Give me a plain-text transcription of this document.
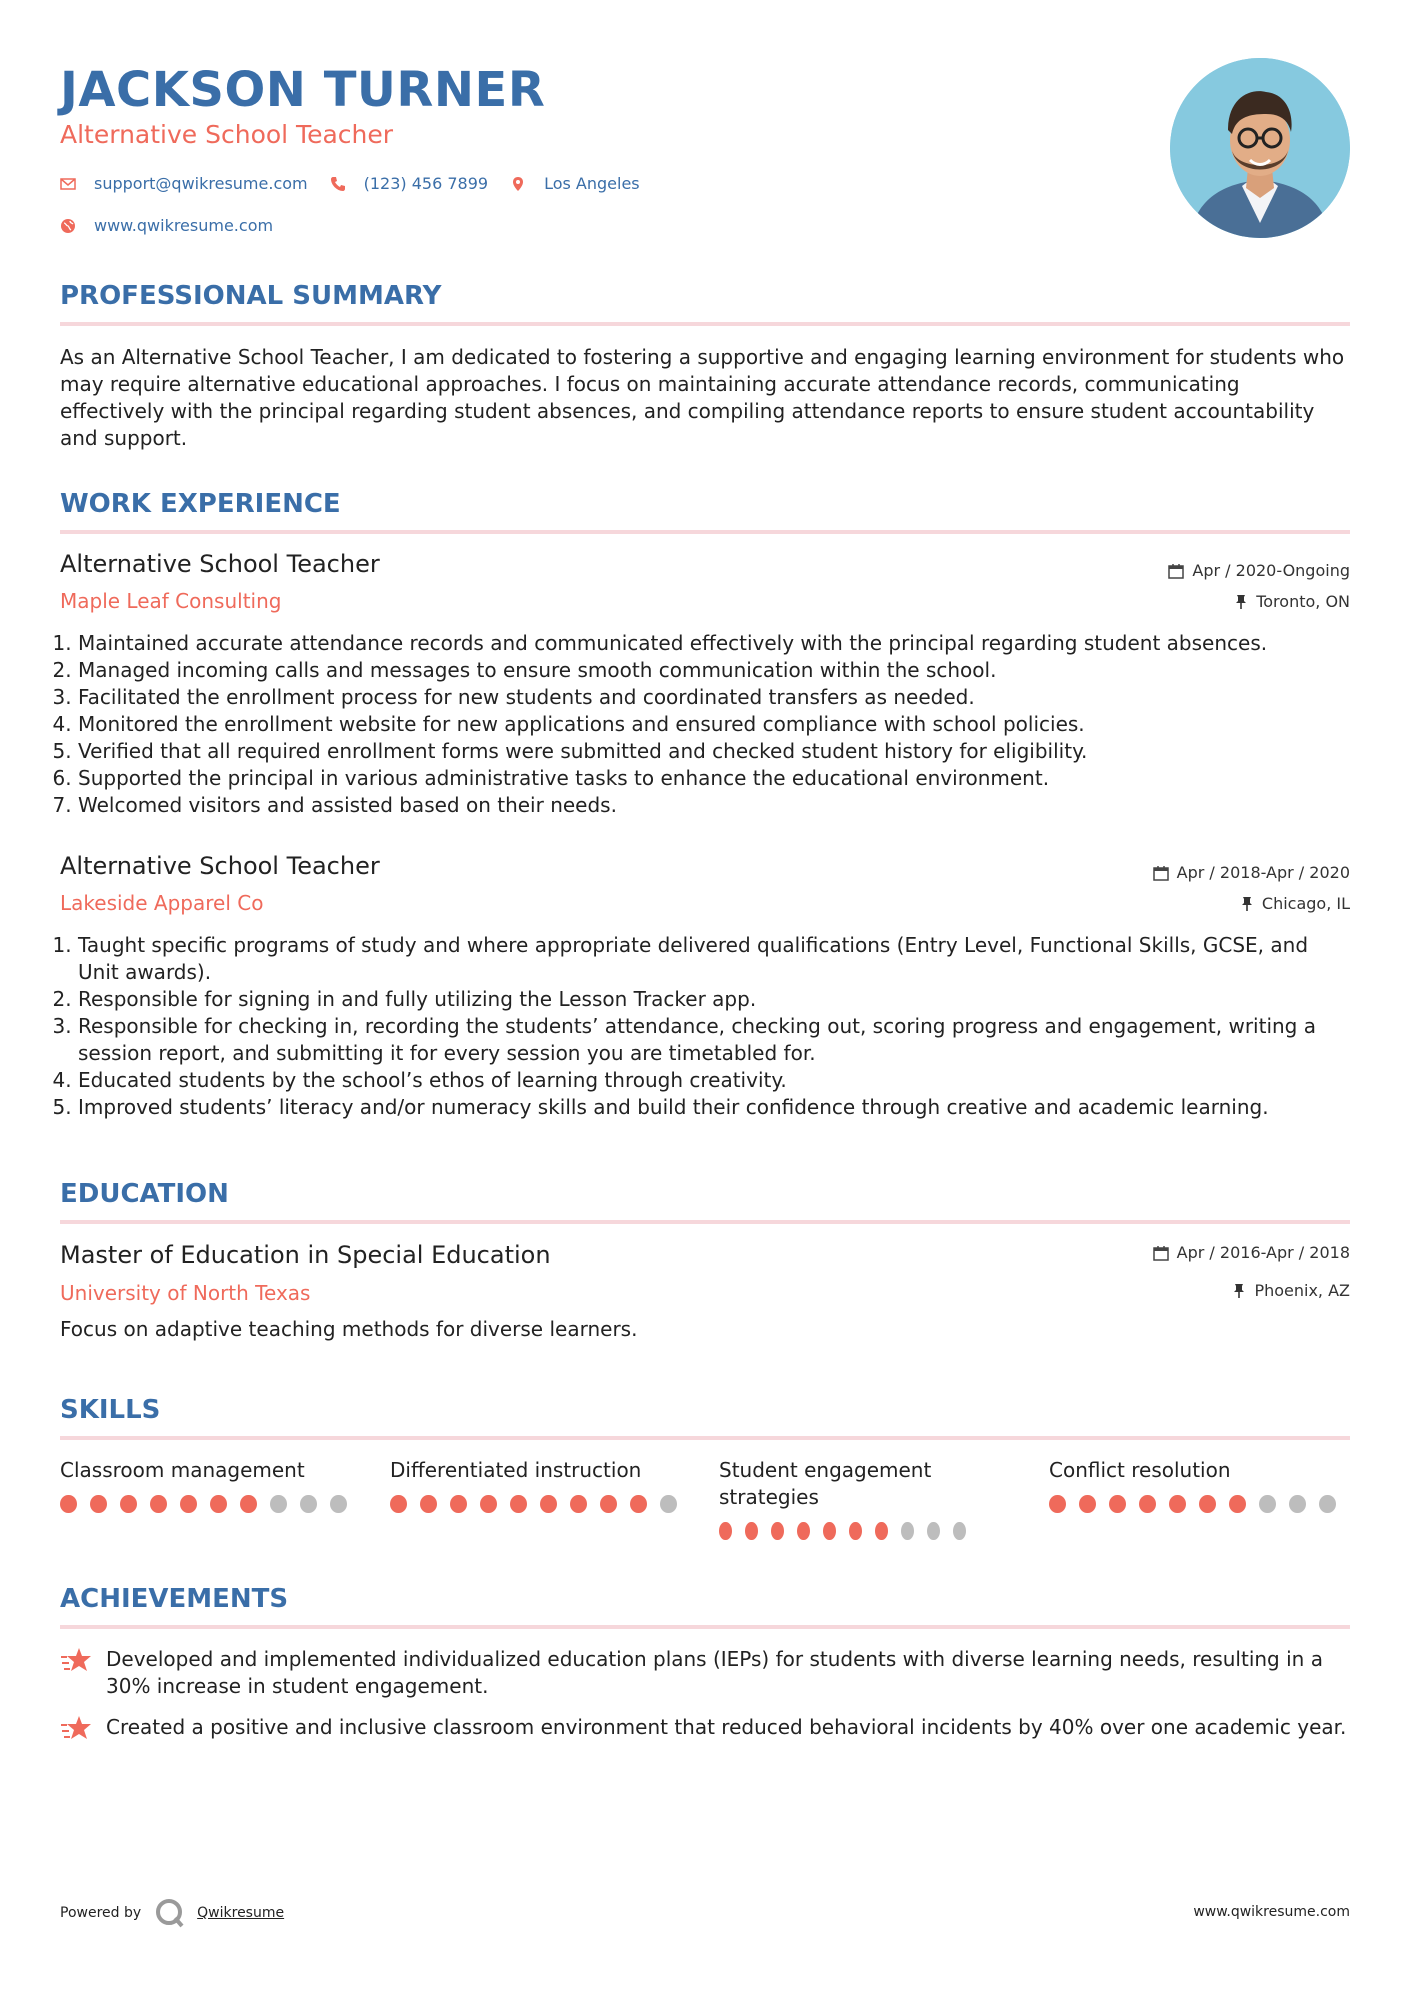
JACKSON TURNER
Alternative School Teacher
support@qwikresume.com	(123) 456 7899	Los Angeles
www.qwikresume.com
PROFESSIONAL SUMMARY
As an Alternative School Teacher, I am dedicated to fostering a supportive and engaging learning environment for students who may require alternative educational approaches. I focus on maintaining accurate attendance records, communicating effectively with the principal regarding student absences, and compiling attendance reports to ensure student accountability and support.
WORK EXPERIENCE
Alternative School Teacher
Maple Leaf Consulting
Apr / 2020-Ongoing
Toronto, ON
1. Maintained accurate attendance records and communicated effectively with the principal regarding student absences.
2. Managed incoming calls and messages to ensure smooth communication within the school.
3. Facilitated the enrollment process for new students and coordinated transfers as needed.
4. Monitored the enrollment website for new applications and ensured compliance with school policies.
5. Verified that all required enrollment forms were submitted and checked student history for eligibility.
6. Supported the principal in various administrative tasks to enhance the educational environment.
7. Welcomed visitors and assisted based on their needs.
Alternative School Teacher
Lakeside Apparel Co
Apr / 2018-Apr / 2020
Chicago, IL
1. Taught specific programs of study and where appropriate delivered qualifications (Entry Level, Functional Skills, GCSE, and Unit awards).
2. Responsible for signing in and fully utilizing the Lesson Tracker app.
3. Responsible for checking in, recording the students’ attendance, checking out, scoring progress and engagement, writing a session report, and submitting it for every session you are timetabled for.
4. Educated students by the school’s ethos of learning through creativity.
5. Improved students’ literacy and/or numeracy skills and build their confidence through creative and academic learning.
EDUCATION
Master of Education in Special Education
University of North Texas
Apr / 2016-Apr / 2018
Phoenix, AZ
Focus on adaptive teaching methods for diverse learners.
SKILLS
Classroom management	Differentiated instruction	Student engagement strategies
Conflict resolution
ACHIEVEMENTS
Developed and implemented individualized education plans (IEPs) for students with diverse learning needs, resulting in a 30% increase in student engagement.
Created a positive and inclusive classroom environment that reduced behavioral incidents by 40% over one academic year.
Powered by	Qwikresume	www.qwikresume.com
